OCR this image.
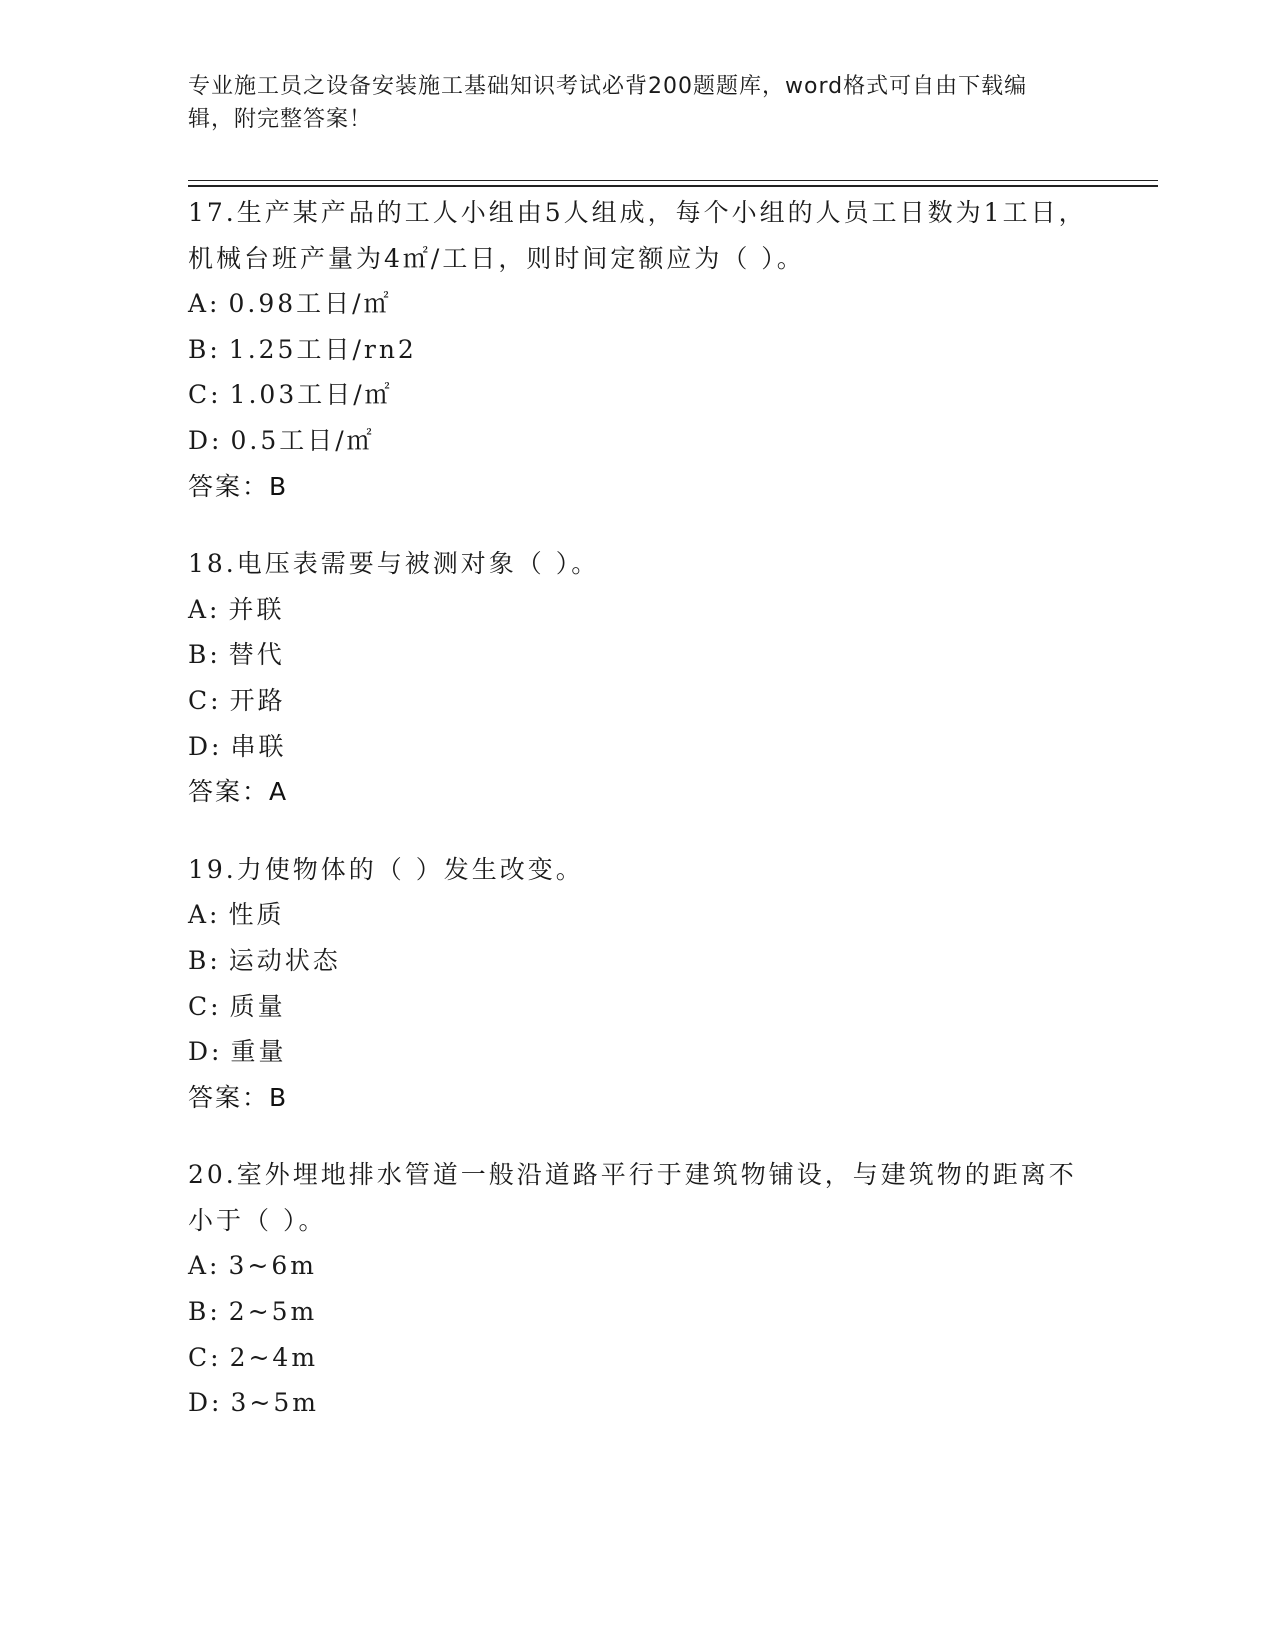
专业施工员之设备安装施工基础知识考试必背200题题库，word格式可自由下载编辑，附完整答案！

17.生产某产品的工人小组由5人组成，每个小组的人员工日数为1工日，机械台班产量为4㎡/工日，则时间定额应为（ ）。

A: 0.98工日/㎡

B: 1.25工日/rn2

C: 1.03工日/㎡

D: 0.5工日/㎡

答案：B

18.电压表需要与被测对象（ ）。

A: 并联

B: 替代

C: 开路

D: 串联

答案：A

19.力使物体的（ ）发生改变。

A: 性质

B: 运动状态

C: 质量

D: 重量

答案：B

20.室外埋地排水管道一般沿道路平行于建筑物铺设，与建筑物的距离不小于（ ）。

A: 3~6m

B: 2~5m

C: 2~4m

D: 3~5m
